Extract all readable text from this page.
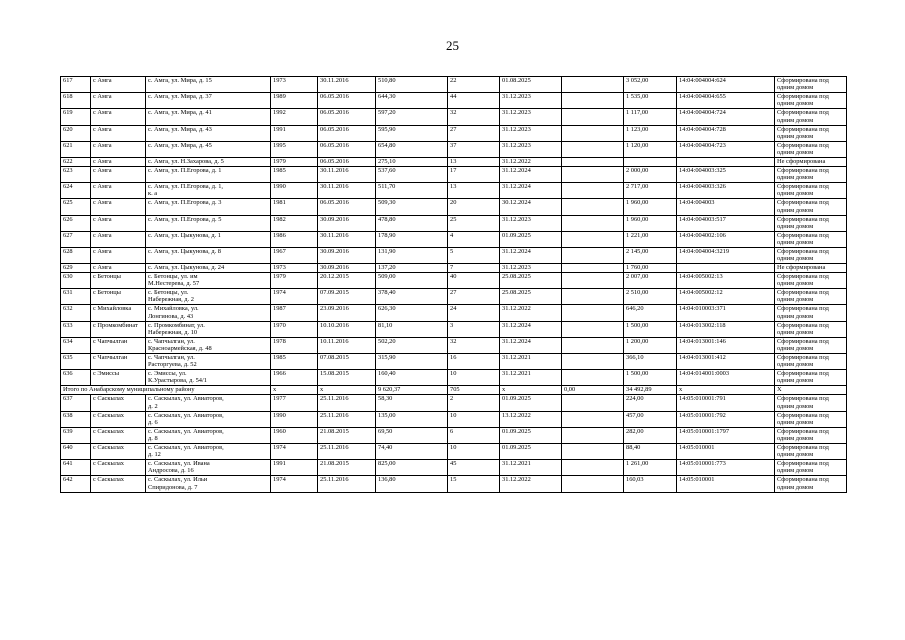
25
617	с Амга	с. Амга, ул. Мира, д. 15	1973	30.11.2016	510,80	22	01.08.2025		3 052,00	14:04:004004:624	Сформирована под
одним домом
618	с Амга	с. Амга, ул. Мира, д. 37	1989	06.05.2016	644,30	44	31.12.2023		1 535,00	14:04:004004:655	Сформирована под
одним домом
619	с Амга	с. Амга, ул. Мира, д. 41	1992	06.05.2016	597,20	32	31.12.2023		1 117,00	14:04:004004:724	Сформирована под
одним домом
620	с Амга	с. Амга, ул. Мира, д. 43	1991	06.05.2016	595,90	27	31.12.2023		1 123,00	14:04:004004:728	Сформирована под
одним домом
621	с Амга	с. Амга, ул. Мира, д. 45	1995	06.05.2016	654,80	37	31.12.2023		1 120,00	14:04:004004:723	Сформирована под
одним домом
622	с Амга	с. Амга, ул. Н.Захарова, д. 5	1979	06.05.2016	275,10	13	31.12.2022				Не сформирована
623	с Амга	с. Амга, ул. П.Егорова, д. 1	1985	30.11.2016	537,60	17	31.12.2024		2 000,00	14:04:004003:325	Сформирована под
одним домом
624	с Амга	с. Амга, ул. П.Егорова, д. 1,
к. а	1990	30.11.2016	511,70	13	31.12.2024		2 717,00	14:04:004003:326	Сформирована под
одним домом
625	с Амга	с. Амга, ул. П.Егорова, д. 3	1981	06.05.2016	509,30	20	30.12.2024		1 960,00	14:04:004003	Сформирована под
одним домом
626	с Амга	с. Амга, ул. П.Егорова, д. 5	1982	30.09.2016	478,80	25	31.12.2023		1 960,00	14:04:004003:517	Сформирована под
одним домом
627	с Амга	с. Амга, ул. Цыкунова, д. 1	1986	30.11.2016	178,90	4	01.09.2025		1 221,00	14:04:004002:106	Сформирована под
одним домом
628	с Амга	с. Амга, ул. Цыкунова, д. 8	1967	30.09.2016	131,90	5	31.12.2024		2 145,00	14:04:004004:3219	Сформирована под
одним домом
629	с Амга	с. Амга, ул. Цыкунова, д. 24	1973	30.09.2016	137,20	7	31.12.2023		1 760,00		Не сформирована
630	с Бетонцы	с. Бетонцы, ул. им
М.Нестерева, д. 57	1979	20.12.2015	509,00	40	25.08.2025		2 007,00	14:04:005002:13	Сформирована под
одним домом
631	с Бетонцы	с. Бетонцы, ул.
Набережная, д. 2	1974	07.09.2015	378,40	27	25.08.2025		2 510,00	14:04:005002:12	Сформирована под
одним домом
632	с Михайловка	с. Михайловка, ул.
Лонгинова, д. 43	1987	23.09.2016	626,30	24	31.12.2022		646,20	14:04:010003:371	Сформирована под
одним домом
633	с Промкомбинат	с. Промкомбинат, ул.
Набережная, д. 10	1970	10.10.2016	81,10	3	31.12.2024		1 500,00	14:04:013002:118	Сформирована под
одним домом
634	с Чапчылган	с. Чапчылган, ул.
Красноармейская, д. 48	1978	10.11.2016	502,20	32	31.12.2024		1 200,00	14:04:013001:146	Сформирована под
одним домом
635	с Чапчылган	с. Чапчылган, ул.
Расторгуева, д. 52	1985	07.08.2015	315,90	16	31.12.2021		366,10	14:04:013001:412	Сформирована под
одним домом
636	с Эмиссы	с. Эмиссы, ул.
К.Урастырова, д. 54/1	1966	15.08.2015	160,40	10	31.12.2021		1 500,00	14:04:014001:0003	Сформирована под
одним домом
Итого по Анабарскому муниципальному району			х	х	9 620,37	705	х	0,00	34 492,89	х	Х
637	с Саскылах	с. Саскылах, ул. Авиаторов,
д. 2	1977	25.11.2016	58,30	2	01.09.2025		224,00	14:05:010001:791	Сформирована под
одним домом
638	с Саскылах	с. Саскылах, ул. Авиаторов,
д. 6	1990	25.11.2016	135,00	10	13.12.2022		457,00	14:05:010001:792	Сформирована под
одним домом
639	с Саскылах	с. Саскылах, ул. Авиаторов,
д. 8	1960	21.08.2015	69,50	6	01.09.2025		282,00	14:05:010001:1797	Сформирована под
одним домом
640	с Саскылах	с. Саскылах, ул. Авиаторов,
д. 12	1974	25.11.2016	74,40	10	01.09.2025		88,40	14:05:010001	Сформирована под
одним домом
641	с Саскылах	с. Саскылах, ул. Ивана
Андросова, д. 16	1991	21.08.2015	825,00	45	31.12.2021		1 261,00	14:05:010001:773	Сформирована под
одним домом
642	с Саскылах	с. Саскылах, ул. Ильи
Спиридонова, д. 7	1974	25.11.2016	136,80	15	31.12.2022		160,03	14:05:010001	Сформирована под
одним домом
